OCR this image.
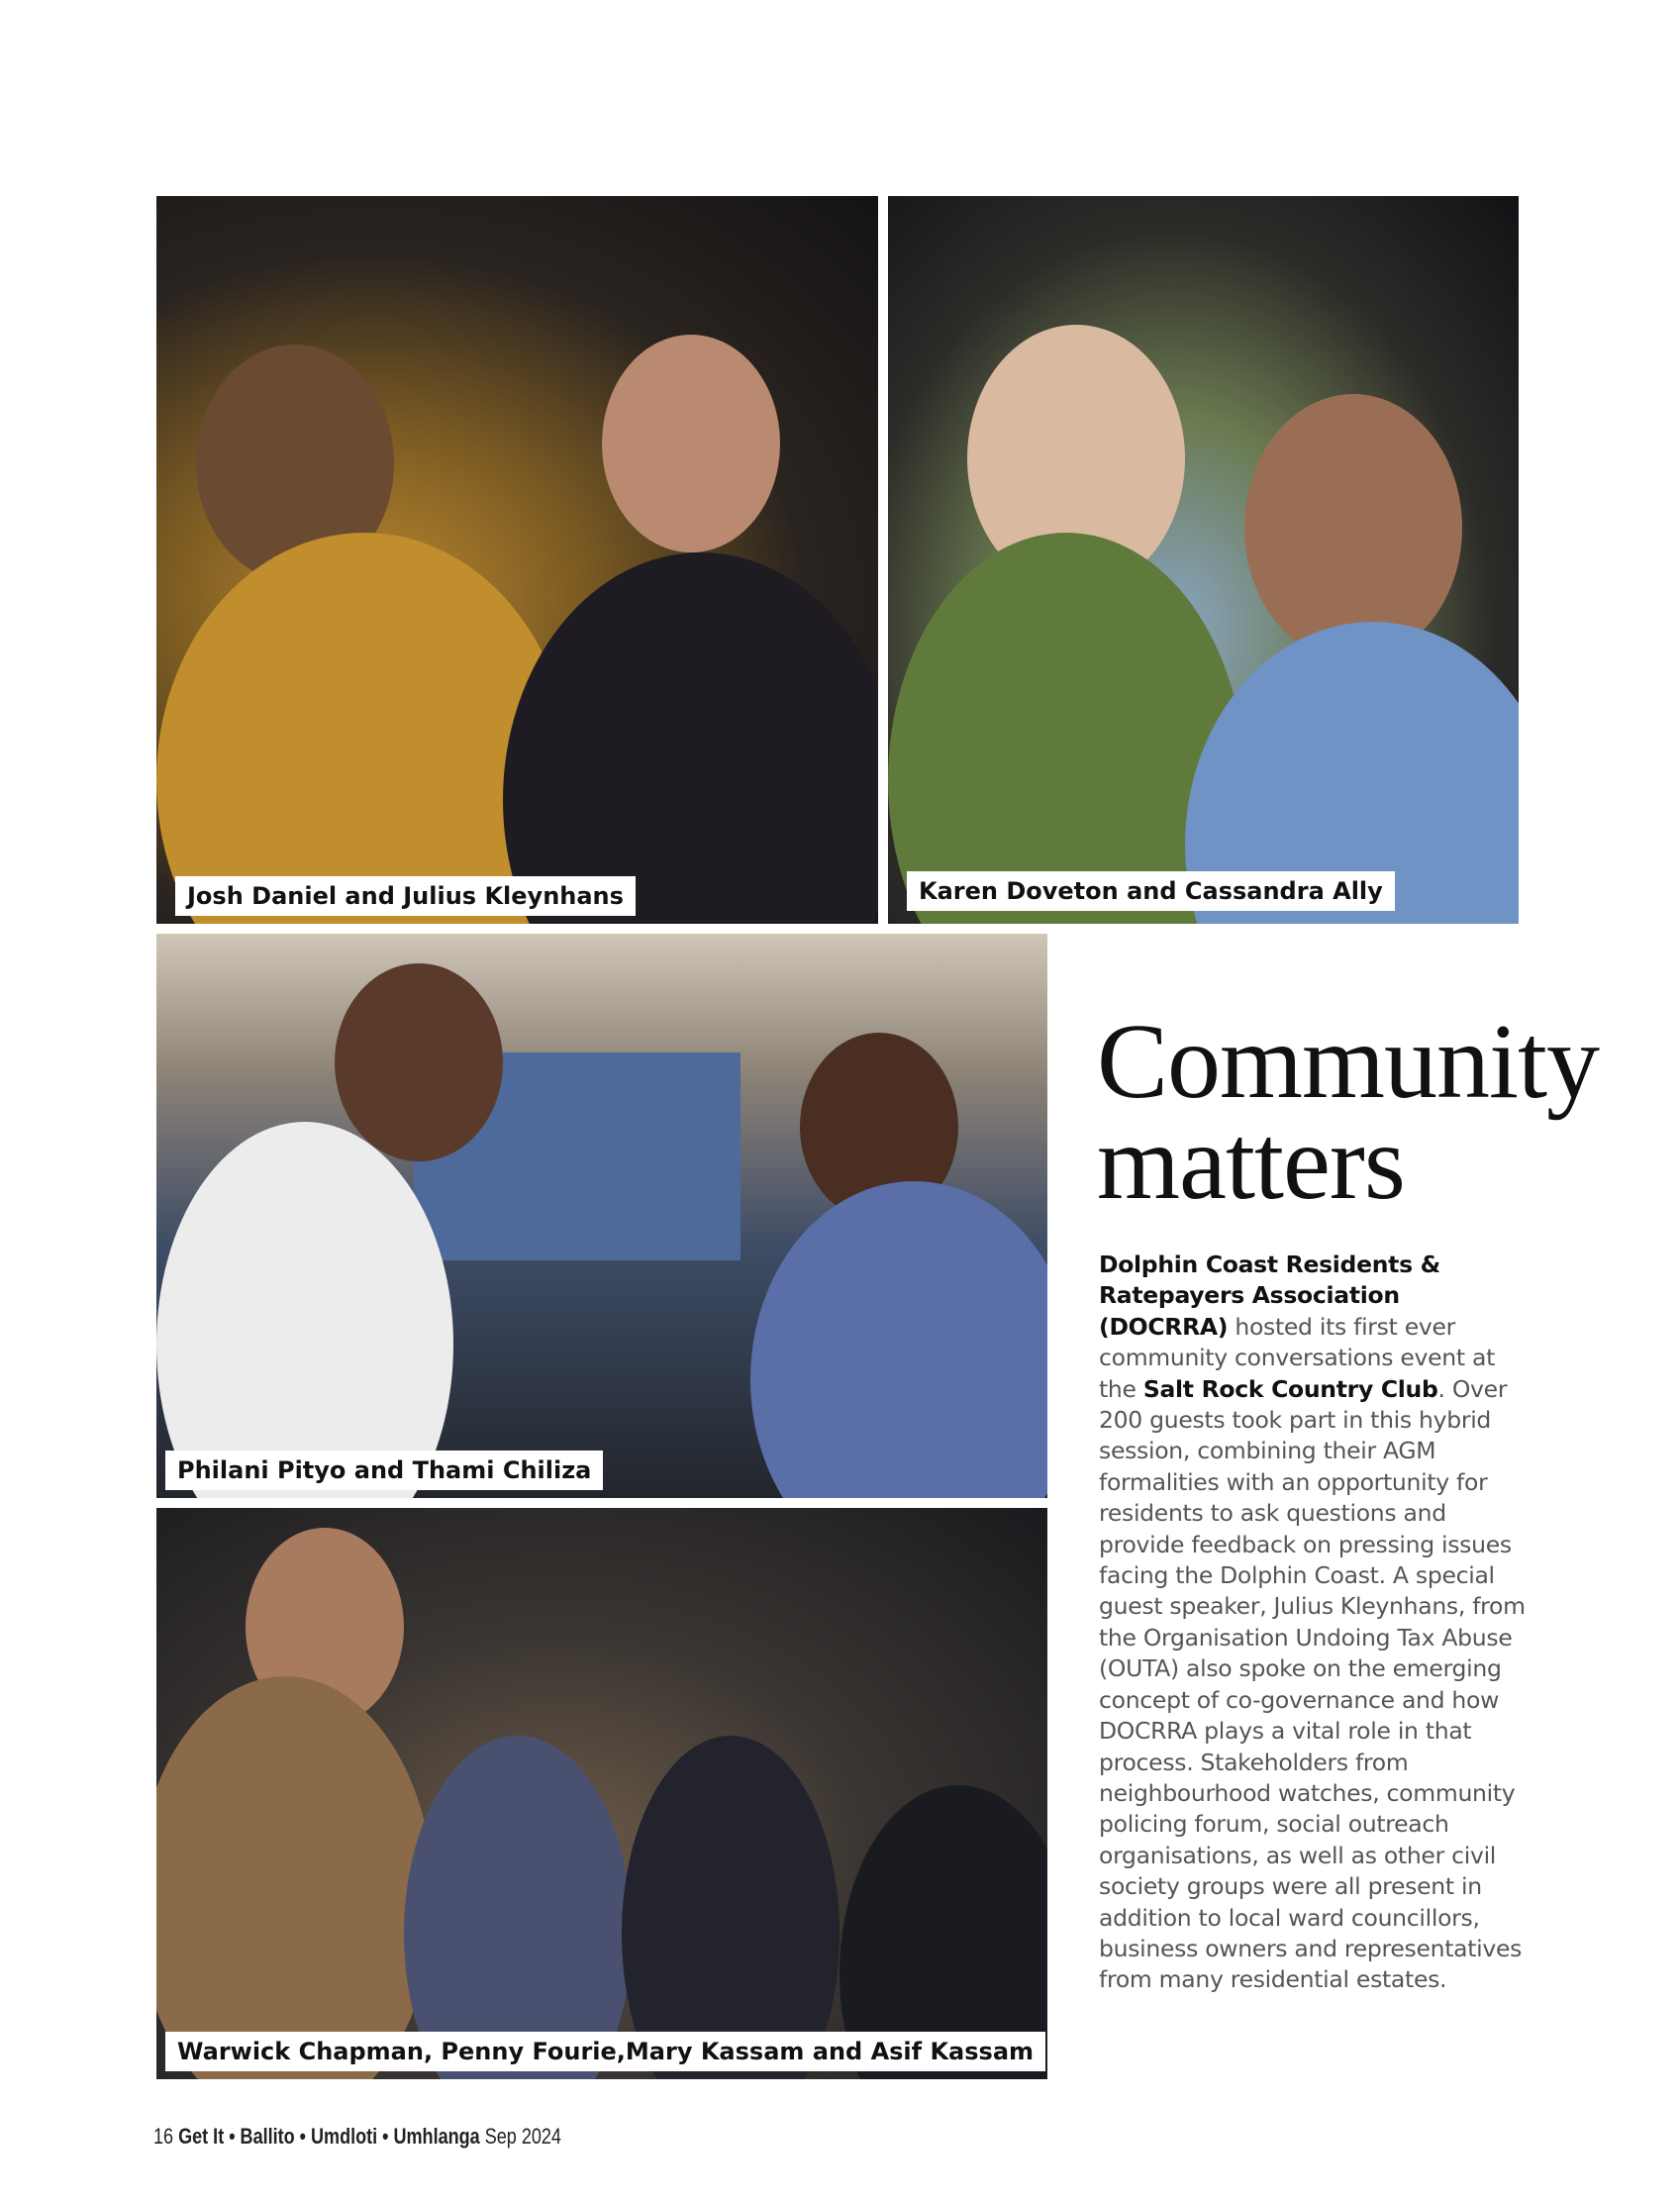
Josh Daniel and Julius Kleynhans	Karen Doveton and Cassandra Ally
Philani Pityo and Thami Chiliza
Warwick Chapman, Penny Fourie,Mary Kassam and Asif Kassam
Community
matters
Dolphin Coast Residents & Ratepayers Association (DOCRRA) hosted its first ever community conversations event at the Salt Rock Country Club. Over 200 guests took part in this hybrid session, combining their AGM formalities with an opportunity for residents to ask questions and provide feedback on pressing issues facing the Dolphin Coast. A special guest speaker, Julius Kleynhans, from the Organisation Undoing Tax Abuse (OUTA) also spoke on the emerging concept of co-governance and how DOCRRA plays a vital role in that process. Stakeholders from neighbourhood watches, community policing forum, social outreach organisations, as well as other civil society groups were all present in addition to local ward councillors, business owners and representatives from many residential estates.
16 Get It • Ballito • Umdloti • Umhlanga Sep 2024
